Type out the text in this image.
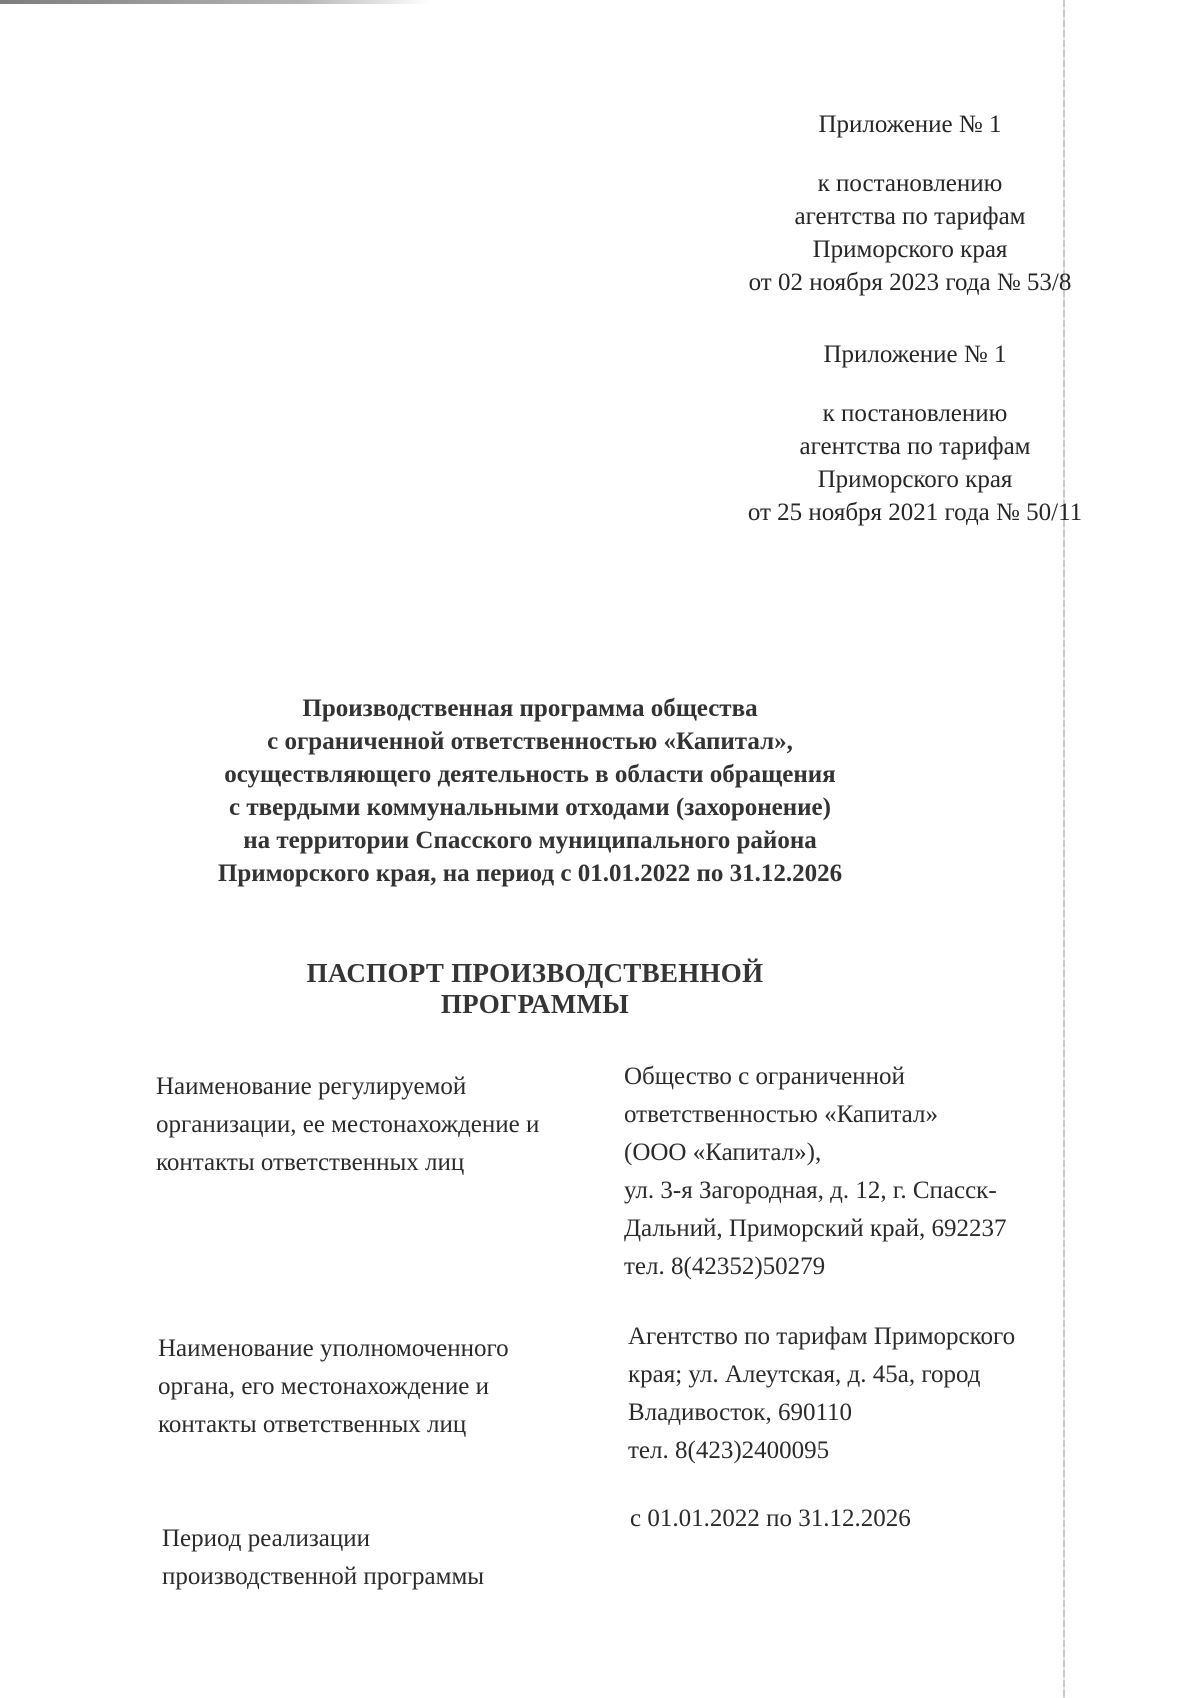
Приложение № 1
к постановлению
агентства по тарифам
Приморского края
от 02 ноября 2023 года № 53/8
Приложение № 1
к постановлению
агентства по тарифам
Приморского края
от 25 ноября 2021 года № 50/11
Производственная программа общества
с ограниченной ответственностью «Капитал»,
осуществляющего деятельность в области обращения
с твердыми коммунальными отходами (захоронение)
на территории Спасского муниципального района
Приморского края, на период с 01.01.2022 по 31.12.2026
ПАСПОРТ ПРОИЗВОДСТВЕННОЙ ПРОГРАММЫ
Наименование регулируемой
организации, ее местонахождение и
контакты ответственных лиц
Общество с ограниченной
ответственностью «Капитал»
(ООО «Капитал»),
ул. 3-я Загородная, д. 12, г. Спасск-
Дальний, Приморский край, 692237
тел. 8(42352)50279
Наименование уполномоченного
органа, его местонахождение и
контакты ответственных лиц
Агентство по тарифам Приморского
края; ул. Алеутская, д. 45а, город
Владивосток, 690110
тел. 8(423)2400095
Период реализации
производственной программы
с 01.01.2022 по 31.12.2026
